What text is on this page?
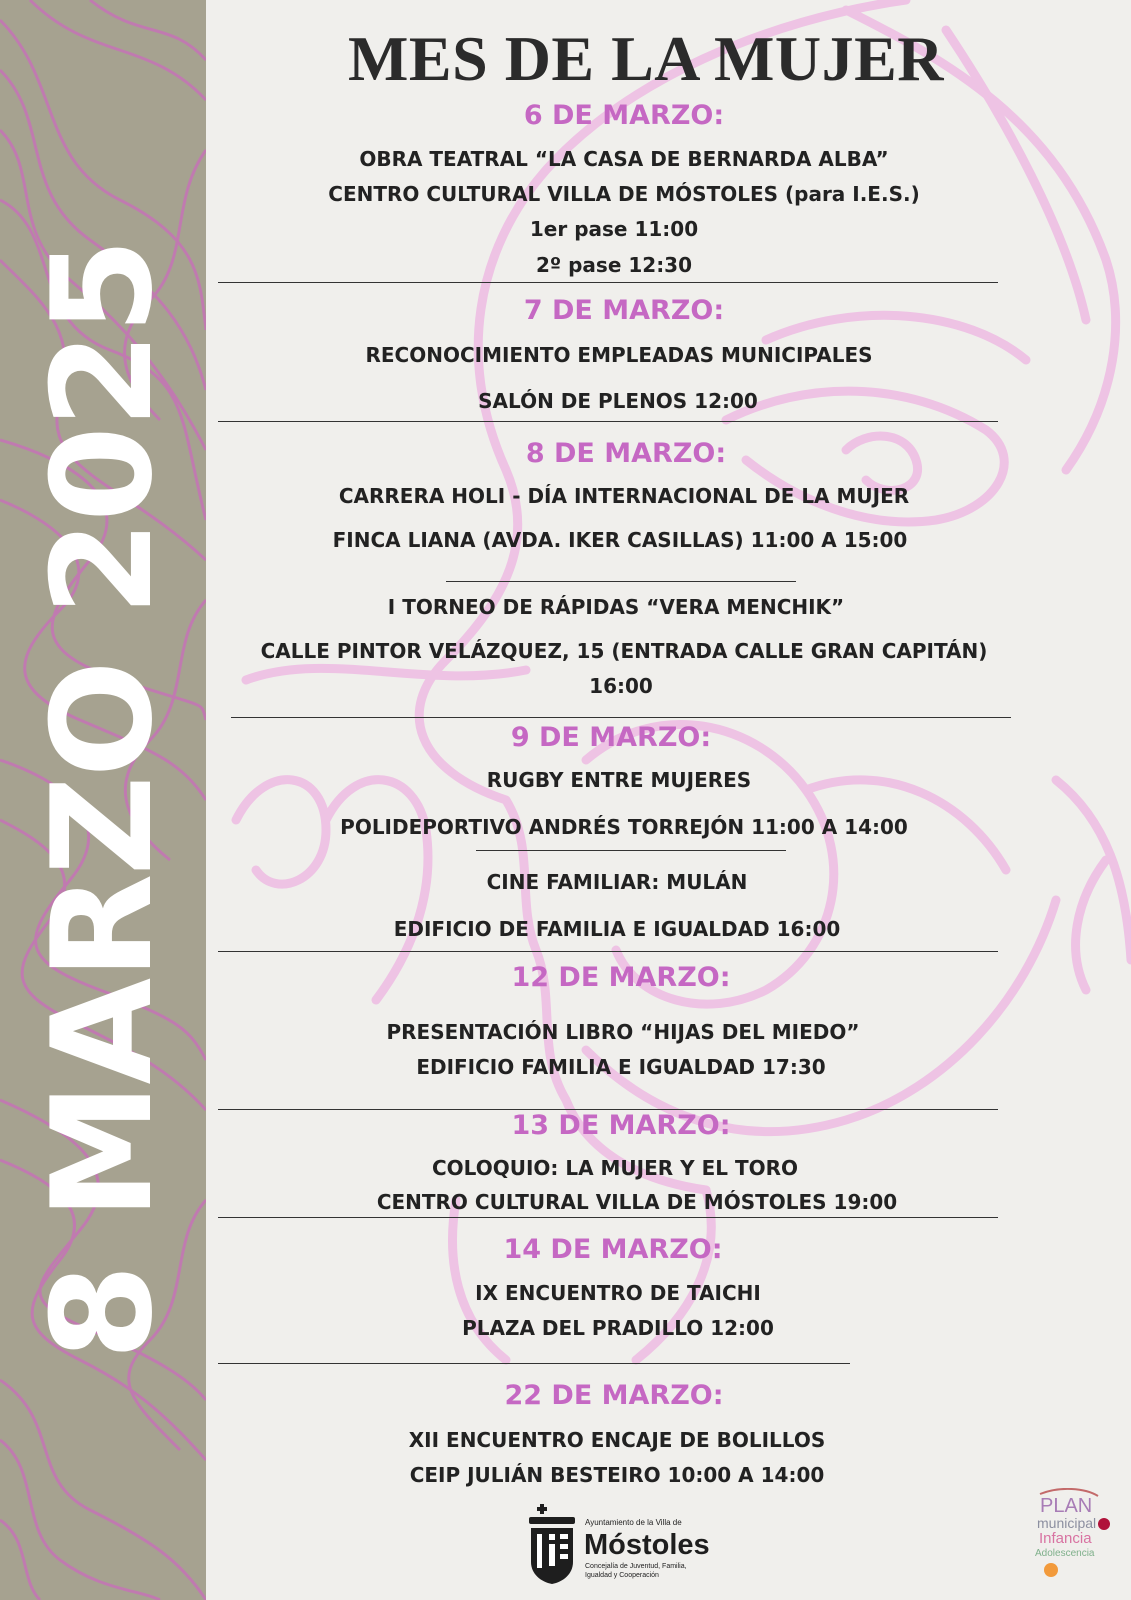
8 MARZO 2025
MES DE LA MUJER
6 DE MARZO:
OBRA TEATRAL “LA CASA DE BERNARDA ALBA”
CENTRO CULTURAL VILLA DE MÓSTOLES (para I.E.S.)
1er pase 11:00
2º pase 12:30
7 DE MARZO:
RECONOCIMIENTO EMPLEADAS MUNICIPALES
SALÓN DE PLENOS 12:00
8 DE MARZO:
CARRERA HOLI - DÍA INTERNACIONAL DE LA MUJER
FINCA LIANA (AVDA. IKER CASILLAS) 11:00 A 15:00
I TORNEO DE RÁPIDAS “VERA MENCHIK”
CALLE PINTOR VELÁZQUEZ, 15 (ENTRADA CALLE GRAN CAPITÁN)
16:00
9 DE MARZO:
RUGBY ENTRE MUJERES
POLIDEPORTIVO ANDRÉS TORREJÓN 11:00 A 14:00
CINE FAMILIAR: MULÁN
EDIFICIO DE FAMILIA E IGUALDAD 16:00
12 DE MARZO:
PRESENTACIÓN LIBRO “HIJAS DEL MIEDO”
EDIFICIO FAMILIA E IGUALDAD 17:30
13 DE MARZO:
COLOQUIO: LA MUJER Y EL TORO
CENTRO CULTURAL VILLA DE MÓSTOLES 19:00
14 DE MARZO:
IX ENCUENTRO DE TAICHI
PLAZA DEL PRADILLO 12:00
22 DE MARZO:
XII ENCUENTRO ENCAJE DE BOLILLOS
CEIP JULIÁN BESTEIRO 10:00 A 14:00
Ayuntamiento de la Villa de
Móstoles
Concejalía de Juventud, Familia,
Igualdad y Cooperación
PLAN
municipal
Infancia
Adolescencia
